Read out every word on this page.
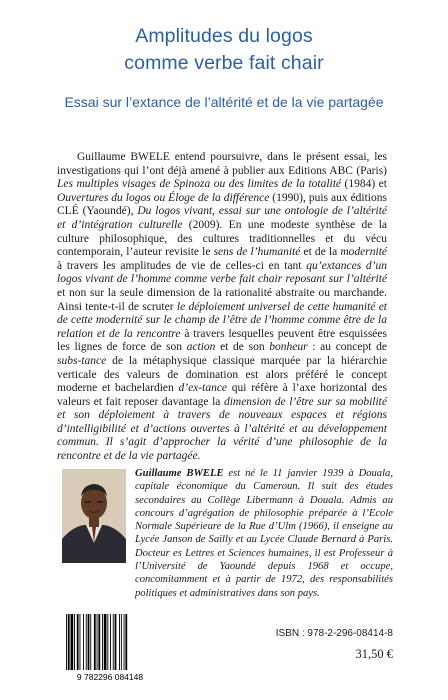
Amplitudes du logos
comme verbe fait chair
Essai sur l’extance de l’altérité et de la vie partagée

Guillaume BWELE entend poursuivre, dans le présent essai, les investigations qui l’ont déjà amené à publier aux Editions ABC (Paris) Les multiples visages de Spinoza ou des limites de la totalité (1984) et Ouvertures du logos ou Éloge de la différence (1990), puis aux éditions CLÉ (Yaoundé), Du logos vivant, essai sur une ontologie de l’altérité et d’intégration culturelle (2009). En une modeste synthèse de la culture philosophique, des cultures traditionnelles et du vécu contemporain, l’auteur revisite le sens de l’humanité et de la modernité à travers les amplitudes de vie de celles-ci en tant qu’extances d’un logos vivant de l’homme comme verbe fait chair reposant sur l’altérité et non sur la seule dimension de la rationalité abstraite ou marchande. Ainsi tente-t-il de scruter le déploiement universel de cette humanité et de cette modernité sur le champ de l’être de l’homme comme être de la relation et de la rencontre à travers lesquelles peuvent être esquissées les lignes de force de son action et de son bonheur : au concept de subs-tance de la métaphysique classique marquée par la hiérarchie verticale des valeurs de domination est alors préféré le concept moderne et bachelardien d’ex-tance qui réfère à l’axe horizontal des valeurs et fait reposer davantage la dimension de l’être sur sa mobilité et son déploiement à travers de nouveaux espaces et régions d’intelligibilité et d’actions ouvertes à l’altérité et au développement commun. Il s’agit d’approcher la vérité d’une philosophie de la rencontre et de la vie partagée.

Guillaume BWELE est né le 11 janvier 1939 à Douala, capitale économique du Cameroun. Il suit des études secondaires au Collège Libermann à Douala. Admis au concours d’agrégation de philosophie préparée à l’Ecole Normale Supérieure de la Rue d’Ulm (1966), il enseigne au Lycée Janson de Sailly et au Lycée Claude Bernard à Paris. Docteur es Lettres et Sciences humaines, il est Professeur à l’Université de Yaoundé depuis 1968 et occupe, concomitamment et à partir de 1972, des responsabilités politiques et administratives dans son pays.

9 782296 084148
ISBN : 978-2-296-08414-8
31,50 €
